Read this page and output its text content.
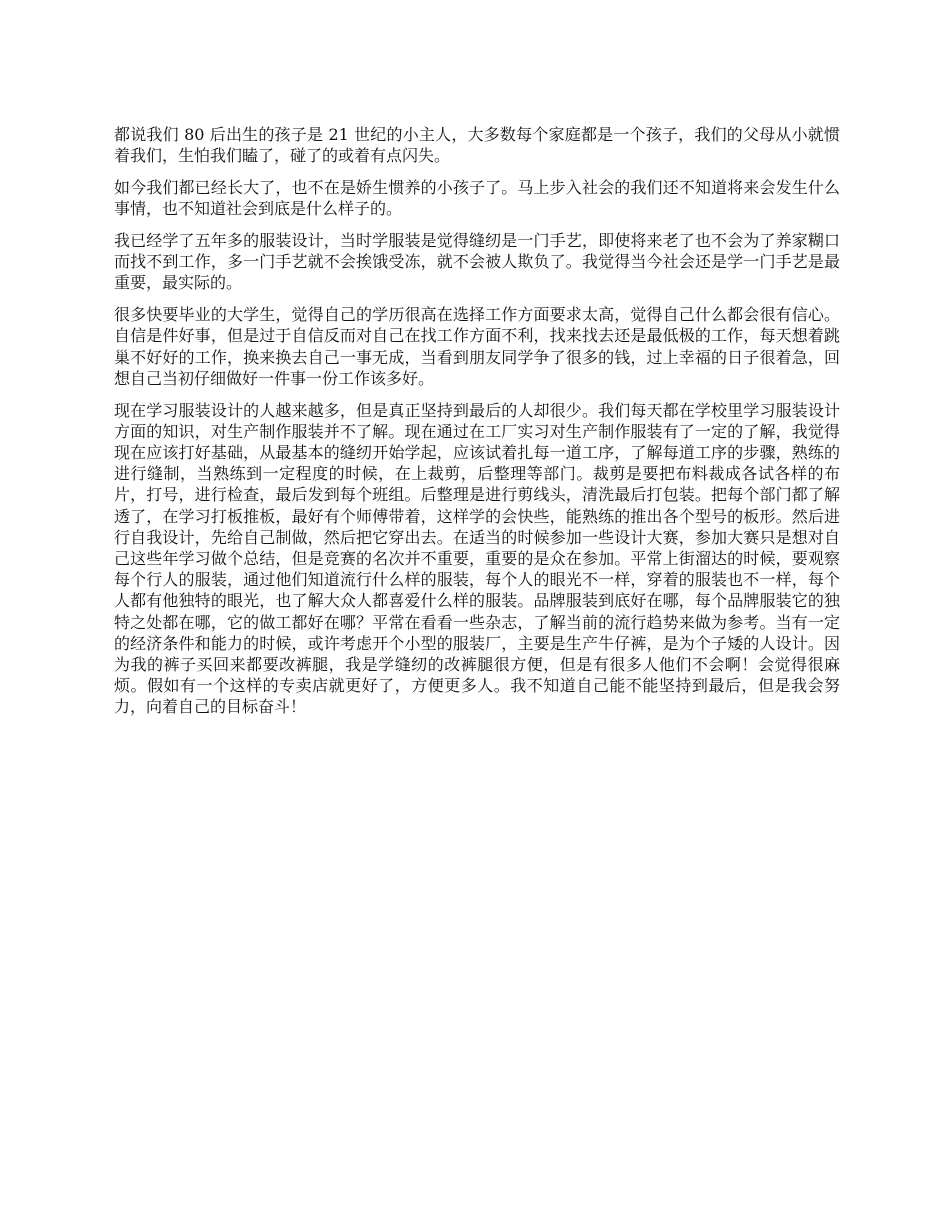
都说我们 80 后出生的孩子是 21 世纪的小主人，大多数每个家庭都是一个孩子，我们的父母从小就惯着我们，生怕我们瞌了，碰了的或着有点闪失。

如今我们都已经长大了，也不在是娇生惯养的小孩子了。马上步入社会的我们还不知道将来会发生什么事情，也不知道社会到底是什么样子的。

我已经学了五年多的服装设计，当时学服装是觉得缝纫是一门手艺，即使将来老了也不会为了养家糊口而找不到工作，多一门手艺就不会挨饿受冻，就不会被人欺负了。我觉得当今社会还是学一门手艺是最重要，最实际的。

很多快要毕业的大学生，觉得自己的学历很高在选择工作方面要求太高，觉得自己什么都会很有信心。自信是件好事，但是过于自信反而对自己在找工作方面不利，找来找去还是最低极的工作，每天想着跳巢不好好的工作，换来换去自己一事无成，当看到朋友同学争了很多的钱，过上幸福的日子很着急，回想自己当初仔细做好一件事一份工作该多好。

现在学习服装设计的人越来越多，但是真正坚持到最后的人却很少。我们每天都在学校里学习服装设计方面的知识，对生产制作服装并不了解。现在通过在工厂实习对生产制作服装有了一定的了解，我觉得现在应该打好基础，从最基本的缝纫开始学起，应该试着扎每一道工序，了解每道工序的步骤，熟练的进行缝制，当熟练到一定程度的时候，在上裁剪，后整理等部门。裁剪是要把布料裁成各试各样的布片，打号，进行检查，最后发到每个班组。后整理是进行剪线头，清洗最后打包装。把每个部门都了解透了，在学习打板推板，最好有个师傅带着，这样学的会快些，能熟练的推出各个型号的板形。然后进行自我设计，先给自己制做，然后把它穿出去。在适当的时候参加一些设计大赛，参加大赛只是想对自己这些年学习做个总结，但是竞赛的名次并不重要，重要的是众在参加。平常上街溜达的时候，要观察每个行人的服装，通过他们知道流行什么样的服装，每个人的眼光不一样，穿着的服装也不一样，每个人都有他独特的眼光，也了解大众人都喜爱什么样的服装。品牌服装到底好在哪，每个品牌服装它的独特之处都在哪，它的做工都好在哪？平常在看看一些杂志，了解当前的流行趋势来做为参考。当有一定的经济条件和能力的时候，或许考虑开个小型的服装厂，主要是生产牛仔裤，是为个子矮的人设计。因为我的裤子买回来都要改裤腿，我是学缝纫的改裤腿很方便，但是有很多人他们不会啊！会觉得很麻烦。假如有一个这样的专卖店就更好了，方便更多人。我不知道自己能不能坚持到最后，但是我会努力，向着自己的目标奋斗！
